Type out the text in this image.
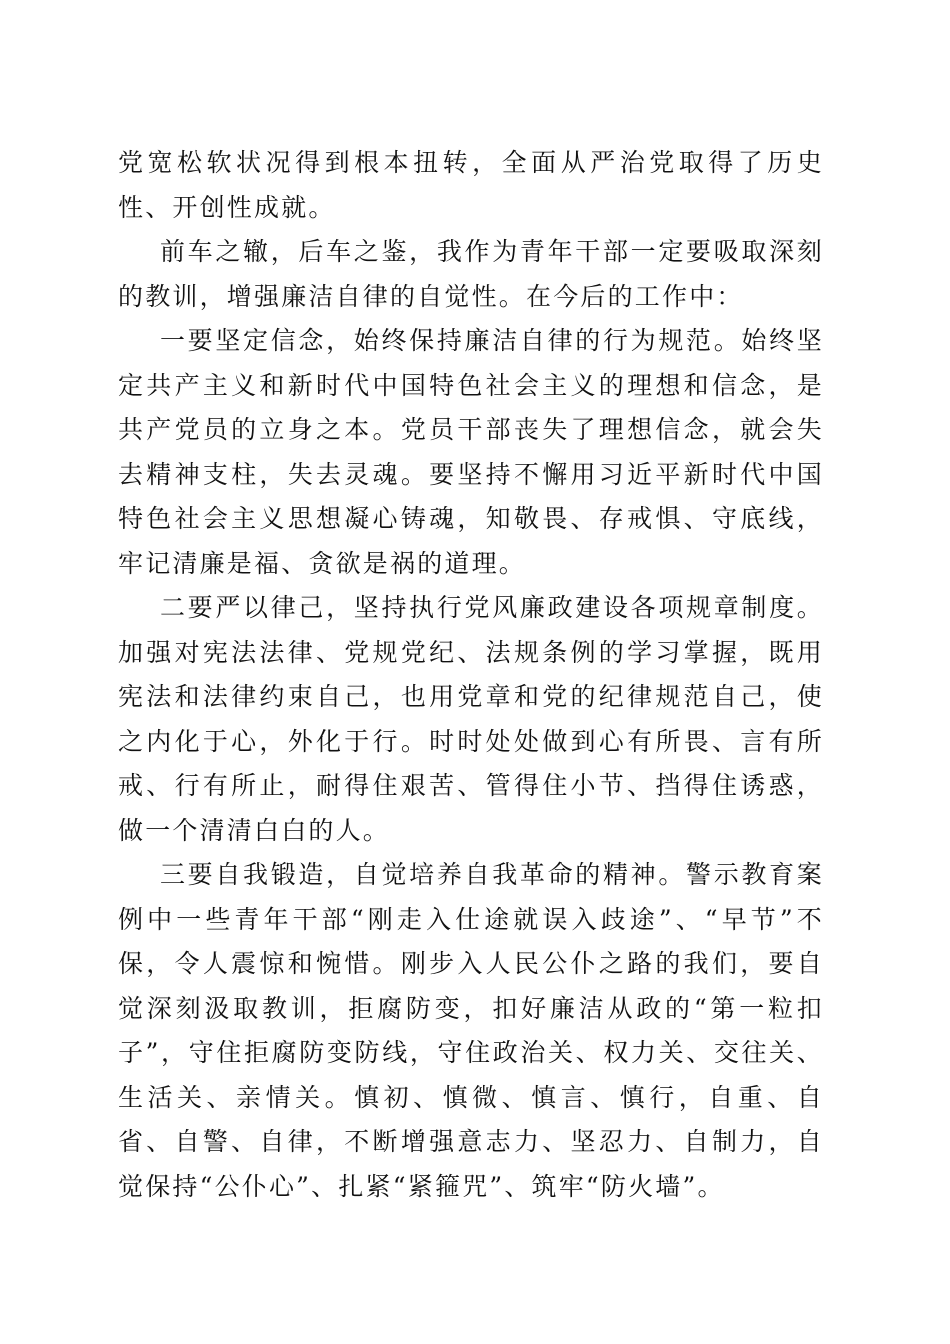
党宽松软状况得到根本扭转，全面从严治党取得了历史性、开创性成就。

前车之辙，后车之鉴，我作为青年干部一定要吸取深刻的教训，增强廉洁自律的自觉性。在今后的工作中：

一要坚定信念，始终保持廉洁自律的行为规范。始终坚定共产主义和新时代中国特色社会主义的理想和信念，是共产党员的立身之本。党员干部丧失了理想信念，就会失去精神支柱，失去灵魂。要坚持不懈用习近平新时代中国特色社会主义思想凝心铸魂，知敬畏、存戒惧、守底线，牢记清廉是福、贪欲是祸的道理。

二要严以律己，坚持执行党风廉政建设各项规章制度。加强对宪法法律、党规党纪、法规条例的学习掌握，既用宪法和法律约束自己，也用党章和党的纪律规范自己，使之内化于心，外化于行。时时处处做到心有所畏、言有所戒、行有所止，耐得住艰苦、管得住小节、挡得住诱惑，做一个清清白白的人。

三要自我锻造，自觉培养自我革命的精神。警示教育案例中一些青年干部“刚走入仕途就误入歧途”、“早节”不保，令人震惊和惋惜。刚步入人民公仆之路的我们，要自觉深刻汲取教训，拒腐防变，扣好廉洁从政的“第一粒扣子”，守住拒腐防变防线，守住政治关、权力关、交往关、生活关、亲情关。慎初、慎微、慎言、慎行，自重、自省、自警、自律，不断增强意志力、坚忍力、自制力，自觉保持“公仆心”、扎紧“紧箍咒”、筑牢“防火墙”。
